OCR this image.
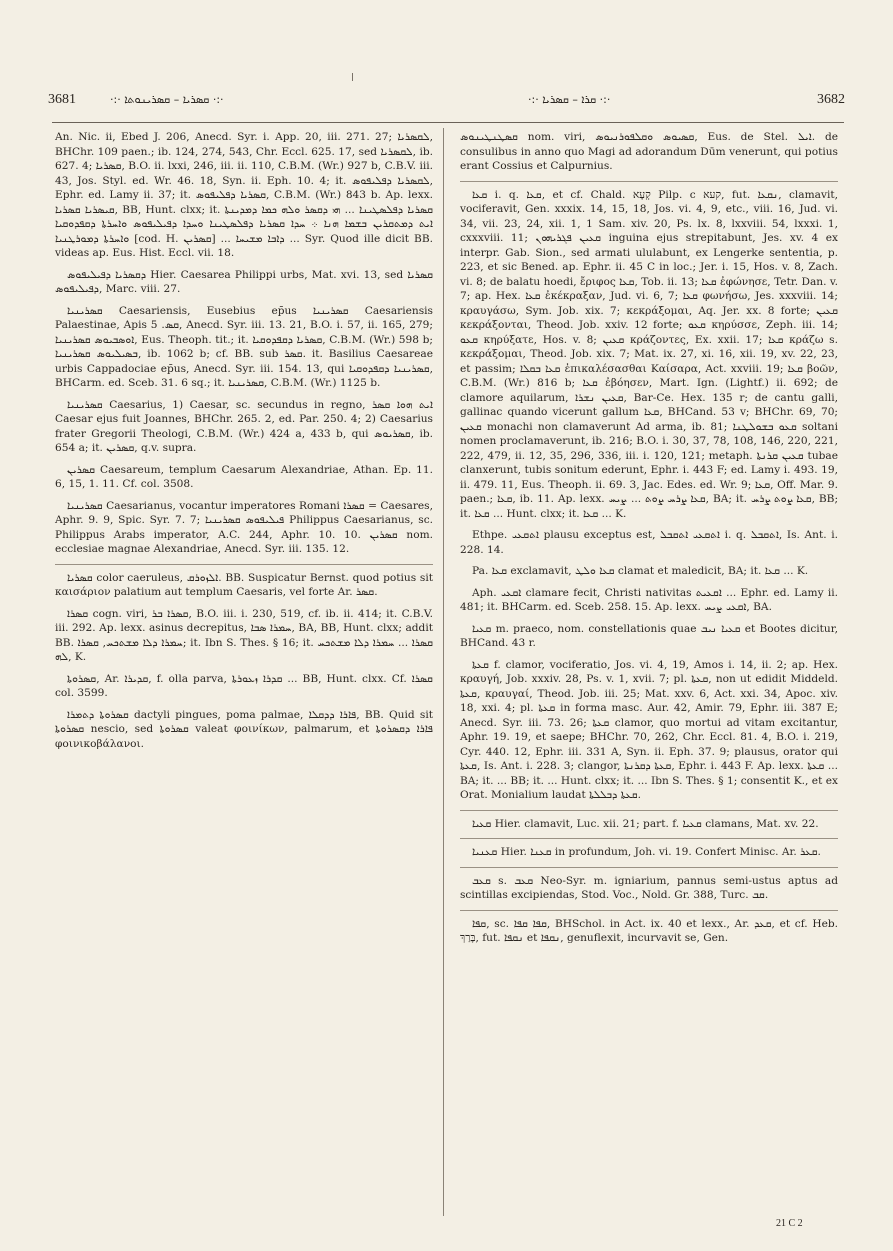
3681	·:· ܩܣܪܝܐ – ܩܣܪܝܢܘܬܐ ·:·	·:· ܩܪܐ – ܩܣܪܝܐ ·:·	3682

An. Nic. ii, Ebed J. 206, Anecd. Syr. i. App. 20, iii. 271. 27; ܠܩܣܪܝܐ, BHChr. 109 paen.; ib. 124, 274, 543, Chr. Eccl. 625. 17, sed ܠܩܣܪܝܐ, ib. 627. 4; ܩܣܪܝܐ, B.O. ii. lxxi, 246, iii. ii. 110, C.B.M. (Wr.) 927 b, C.B.V. iii. 43, Jos. Styl. ed. Wr. 46. 18, Syn. ii. Eph. 10. 4; it. ܠܩܣܪܝܐ ܕܦܠܝܦܘܣ, Ephr. ed. Lamy ii. 37; it. ܩܣܪܝܐ ܕܦܠܝܦܘܣ, C.B.M. (Wr.) 843 b. Ap. lexx. ܩܝܣܪܝܐ ܩܣܪܝܐ, BB, Hunt. clxx; it. ܩܣܪܝܐ ܕܦܠܣܛܝܢܐ ... ܗܝ ܕܩܣܪ ܘܠܗ ܟܡܐ ܕܡܕܝܢܬܐ ܐܝܬ ܕܡܬܩܪܝܢ ܒܫܡܐ ܗܢܐ ܀ ܚܕܐ ܩܣܪܝܐ ܕܦܠܣܛܝܢܐ ܘܚܕܐ ܕܦܝܠܝܦܘܣ ܘܐܚܪܬܐ ܕܩܦܕܘܩܝܐ ܘܐܚܪܬܐ ܕܡܘܪܛܢܝܐ [cod. H. ܩܣܪܝܢ] ... ܕܐܒܐ ܡܫܝܚܐ ... Syr. Quod ille dicit BB. videas ap. Eus. Hist. Eccl. vii. 18.

ܕܩܣܪܝܐ ܕܦܝܠܝܦܘܣ Hier. Caesarea Philippi urbs, Mat. xvi. 13, sed ܩܣܪܝܐ ܕܦܝܠܝܦܘܣ, Marc. viii. 27.

ܩܣܪܝܢܝܐ Caesariensis, Eusebius ep̄us ܩܣܪܝܢܝܐ Caesariensis Palaestinae, Apis ܩܣ. 5, Anecd. Syr. iii. 13. 21, B.O. i. 57, ii. 165, 279; ܐܘܣܒܝܘܣ ܩܣܪܝܢܝܐ, Eus. Theoph. tit.; it. ܩܣܪܝܐ ܕܩܦܕܘܩܝܐ, C.B.M. (Wr.) 598 b; ܒܣܝܠܝܘܣ ܩܣܪܝܢܝܐ, ib. 1062 b; cf. BB. sub ܩܣܪ. it. Basilius Caesareae urbis Cappadociae ep̄us, Anecd. Syr. iii. 154. 13, qui ܩܣܪܝܢܝܐ ܕܩܦܕܘܩܝܐ, BHCarm. ed. Sceb. 31. 6 sq.; it. ܩܣܪܝܢܝܐ, C.B.M. (Wr.) 1125 b.

ܩܣܪܝܢܝܐ Caesarius, 1) Caesar, sc. secundus in regno, ܐܝܬ ܗܘܐ ܩܣܪ Caesar ejus fuit Joannes, BHChr. 265. 2, ed. Par. 250. 4; 2) Caesarius frater Gregorii Theologi, C.B.M. (Wr.) 424 a, 433 b, qui ܩܣܪܝܘܣ, ib. 654 a; it. ܩܣܪܝܢ, q.v. supra.

ܩܣܪܝܢ Caesareum, templum Caesarum Alexandriae, Athan. Ep. 11. 6, 15, 1. 11. Cf. col. 3508.

ܩܣܪܝܢܝܐ Caesarianus, vocantur imperatores Romani ܩܣܪܐ = Caesares, Aphr. 9. 9, Spic. Syr. 7. 7; ܦܝܠܝܦܘܣ ܩܣܪܝܢܝܐ Philippus Caesarianus, sc. Philippus Arabs imperator, A.C. 244, Aphr. 10. 10. ܩܣܪܝܢ nom. ecclesiae magnae Alexandriae, Anecd. Syr. iii. 135. 12.

ܩܣܪܝܐ color caeruleus, ܐܠܙܘܪܩ. BB. Suspicatur Bernst. quod potius sit καισάριον palatium aut templum Caesaris, vel forte Ar. ܩܣܪ.

ܩܣܪܐ cogn. viri, ܩܣܪܐ ܒܪ, B.O. iii. i. 230, 519, cf. ib. ii. 414; it. C.B.V. iii. 292. Ap. lexx. asinus decrepitus, ܚܡܪܐ ܣܒܐ, BA, BB, Hunt. clxx; addit BB. ܚܡܪܐ ܕܠܐ ܡܫܬܟܚ, ܩܣܪܐ; it. Ibn S. Thes. § 16; it. ܩܣܪܐ ... ܚܡܪܐ ܕܠܐ ܡܫܬܟܚ ܠܗ, K.

ܩܣܪܘܬܐ, Ar. ܩܕܝܪܐ, f. olla parva, ܩܕܪܐ ܙܥܘܪܬܐ ... BB, Hunt. clxx. Cf. ܩܣܪܐ col. 3599.

ܩܣܪܘܬܐ ܕܬܡܪܐ dactyli pingues, poma palmae, ܦܐܪܐ ܕܕܩܠܐ, BB. Quid sit ܩܣܪܘܬܐ nescio, sed ܩܣܪܘܬܐ valeat φοινίκων, palmarum, et ܦܐܪܐ ܕܩܣܪܘܬܐ φοινικοβάλανοι.

ܩܣܛܢܛܝܢܘܣ nom. viri, ܩܣܝܘܣ ܘܩܠܦܘܪܢܝܘܣ, Eus. de Stel. ܐܝܠ. de consulibus in anno quo Magi ad adorandum Dūm venerunt, qui potius erant Cossius et Calpurnius.

ܩܥܐ i. q. ܩܥܐ, et cf. Chald. קְעָא Pilp. c קעא, fut. ܢܩܥܐ, clamavit, vociferavit, Gen. xxxix. 14, 15, 18, Jos. vi. 4, 9, etc., viii. 16, Jud. vi. 34, vii. 23, 24, xii. 1, 1 Sam. xiv. 20, Ps. lx. 8, lxxviii. 54, lxxxi. 1, cxxxviii. 11; ܩܥܝܢ ܦܓܪܝܗܘܢ inguina ejus strepitabunt, Jes. xv. 4 ex interpr. Gab. Sion., sed armati ululabunt, ex Lengerke sententia, p. 223, et sic Bened. ap. Ephr. ii. 45 C in loc.; Jer. i. 15, Hos. v. 8, Zach. vi. 8; de balatu hoedi, ἔριφος ܩܥܐ, Tob. ii. 13; ܩܥܐ ἐφώνησε, Tetr. Dan. v. 7; ap. Hex. ܩܥܐ ἐκέκραξαν, Jud. vi. 6, 7; ܩܥܐ φωνήσω, Jes. xxxviii. 14; κραυγάσω, Sym. Job. xix. 7; κεκράξομαι, Aq. Jer. xx. 8 forte; ܩܥܝܢ κεκράξονται, Theod. Job. xxiv. 12 forte; ܩܥܘ κηρύσσε, Zeph. iii. 14; ܩܥܘ κηρύξατε, Hos. v. 8; ܩܥܝܢ κράζοντες, Ex. xxii. 17; ܩܥܐ κράζω s. κεκράξομαι, Theod. Job. xix. 7; Mat. ix. 27, xi. 16, xii. 19, xv. 22, 23, et passim; ܩܥܐ ܒܩܠܐ ἐπικαλέσασθαι Καίσαρα, Act. xxviii. 19; ܩܥܐ βοῶν, C.B.M. (Wr.) 816 b; ܩܥܐ ἐβόησεν, Mart. Ign. (Lightf.) ii. 692; de clamore aquilarum, ܩܥܝܢ ܢܫܪܐ, Bar-Ce. Hex. 135 r; de cantu galli, gallinac quando vicerunt gallum ܩܥܐ, BHCand. 53 v; BHChr. 69, 70; ܩܥܝܢ monachi non clamaverunt Ad arma, ib. 81; ܩܥܘ ܒܫܘܠܛܢܐ soltani nomen proclamaverunt, ib. 216; B.O. i. 30, 37, 78, 108, 146, 220, 221, 222, 479, ii. 12, 35, 296, 336, iii. i. 120, 121; metaph. ܩܥܝܢ ܩܪܢܬܐ tubae clanxerunt, tubis sonitum ederunt, Ephr. i. 443 F; ed. Lamy i. 493. 19, ii. 479. 11, Eus. Theoph. ii. 69. 3, Jac. Edes. ed. Wr. 9; ܩܥܐ, Off. Mar. 9. paen.; ܩܥܐ, ib. 11. Ap. lexx. ܩܥܐ ܨܪܚ ܨܘܬ ... ܨܝܚ, BA; it. ܩܥܐ ܨܘܬ ܨܪܚ, BB; it. ܩܥܐ ... Hunt. clxx; it. ܩܥܐ ... K.

Ethpe. ܐܬܩܥܝ plausu exceptus est, ܐܬܩܥܝ ܐܬܩܒܠ i. q. ܐܬܩܒܠ, Is. Ant. i. 228. 14.

Pa. ܩܥܐ exclamavit, ܩܥܐ ܘܠܛ clamat et maledicit, BA; it. ܩܥܐ ... K.

Aph. ܐܩܥܝ clamare fecit, Christi nativitas ܐܩܥܝܬ ... Ephr. ed. Lamy ii. 481; it. BHCarm. ed. Sceb. 258. 15. Ap. lexx. ܐܩܥܝ ܨܝܚ, BA.

ܩܥܝܐ m. praeco, nom. constellationis quae ܩܥܝܐ ܢܝܒ et Bootes dicitur, BHCand. 43 r.

ܩܥܬܐ f. clamor, vociferatio, Jos. vi. 4, 19, Amos i. 14, ii. 2; ap. Hex. κραυγή, Job. xxxiv. 28, Ps. v. 1, xvii. 7; pl. ܩܥܬܐ, non ut edidit Middeld. ܩܥܬܐ, κραυγαί, Theod. Job. iii. 25; Mat. xxv. 6, Act. xxi. 34, Apoc. xiv. 18, xxi. 4; pl. ܩܥܬܐ in forma masc. Aur. 42, Amir. 79, Ephr. iii. 387 E; Anecd. Syr. iii. 73. 26; ܩܥܬܐ clamor, quo mortui ad vitam excitantur, Aphr. 19. 19, et saepe; BHChr. 70, 262, Chr. Eccl. 81. 4, B.O. i. 219, Cyr. 440. 12, Ephr. iii. 331 A, Syn. ii. Eph. 37. 9; plausus, orator qui ܩܥܬܐ, Is. Ant. i. 228. 3; clangor, ܩܥܬܐ ܕܩܪܢܬܐ, Ephr. i. 443 F. Ap. lexx. ܩܥܬܐ ... BA; it. ... BB; it. ... Hunt. clxx; it. ... Ibn S. Thes. § 1; consentit K., et ex Orat. Monialium laudat ܩܥܬܐ ܕܒܠܠܬܐ.

ܩܥܝܐ Hier. clamavit, Luc. xii. 21; part. f. ܩܥܝܐ clamans, Mat. xv. 22.

ܩܥܢܝܐ Hier. ܩܥܢܐ in profundum, Joh. vi. 19. Confert Minisc. Ar. ܩܥܪ.

ܩܥܒ s. ܩܥܒ Neo-Syr. m. igniarium, pannus semi-ustus aptus ad scintillas excipiendas, Stod. Voc., Nold. Gr. 388, Turc. ܩܒ.

ܩܦܐ, sc. ܩܦܐ ܩܦܐ, BHSchol. in Act. ix. 40 et lexx., Ar. ܩܥܕ, et cf. Heb. בָּרַךְ, fut. ܢܩܦܐ et ܢܩܦܐ, genuflexit, incurvavit se, Gen.

21 C 2
